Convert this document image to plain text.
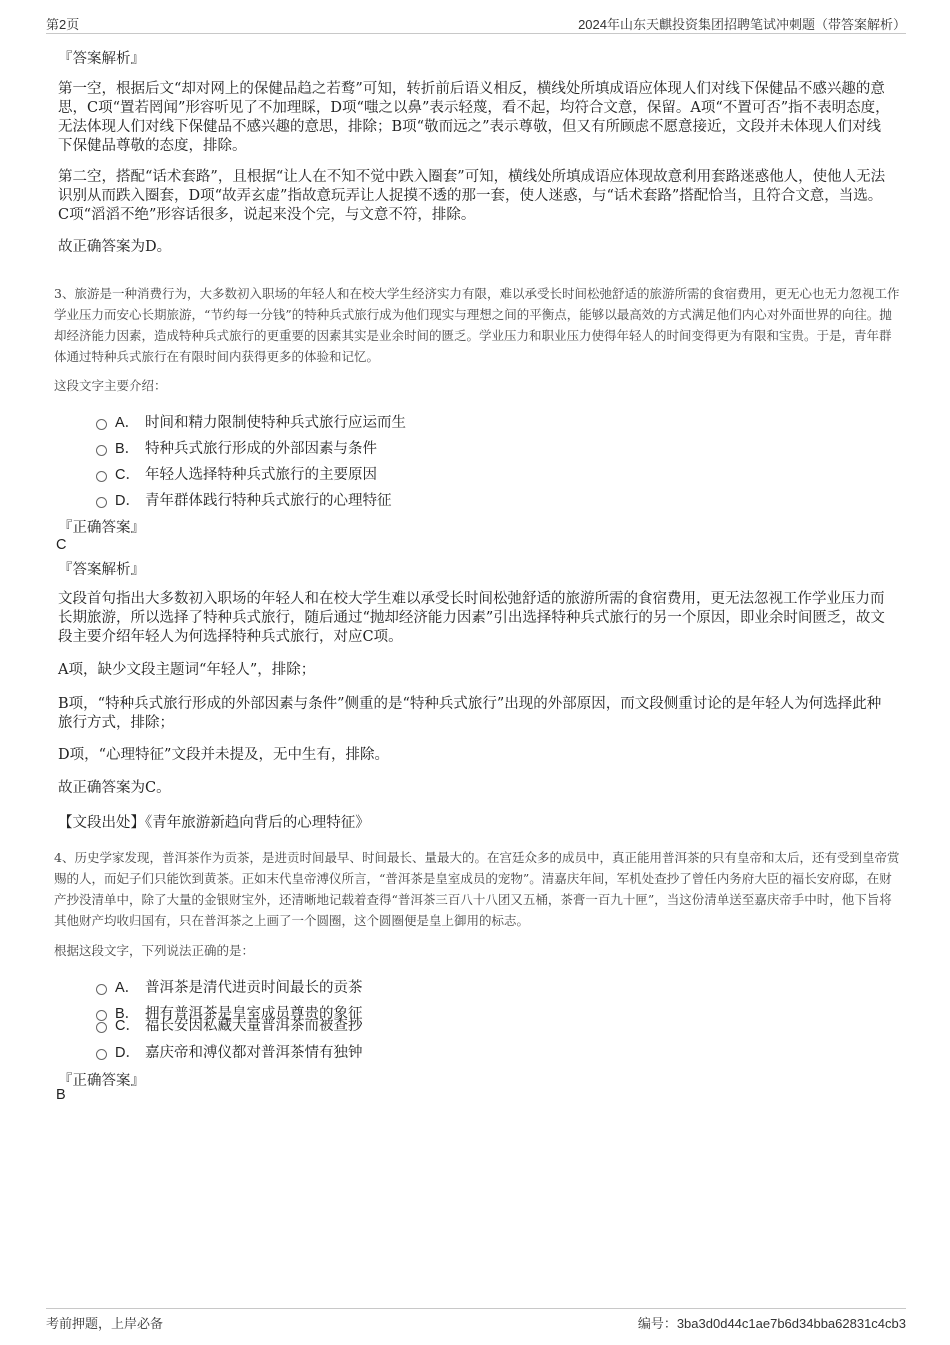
第2页	2024年山东天麒投资集团招聘笔试冲刺题（带答案解析）
『答案解析』

第一空，根据后文“却对网上的保健品趋之若鹜”可知，转折前后语义相反，横线处所填成语应体现人们对线下保健品不感兴趣的意思，C项“置若罔闻”形容听见了不加理睬，D项“嗤之以鼻”表示轻蔑，看不起，均符合文意，保留。A项“不置可否”指不表明态度，无法体现人们对线下保健品不感兴趣的意思，排除；B项“敬而远之”表示尊敬，但又有所顾虑不愿意接近，文段并未体现人们对线下保健品尊敬的态度，排除。

第二空，搭配“话术套路”，且根据“让人在不知不觉中跌入圈套”可知，横线处所填成语应体现故意利用套路迷惑他人，使他人无法识别从而跌入圈套，D项“故弄玄虚”指故意玩弄让人捉摸不透的那一套，使人迷惑，与“话术套路”搭配恰当，且符合文意，当选。C项“滔滔不绝”形容话很多，说起来没个完，与文意不符，排除。

故正确答案为D。

3、旅游是一种消费行为，大多数初入职场的年轻人和在校大学生经济实力有限，难以承受长时间松弛舒适的旅游所需的食宿费用，更无心也无力忽视工作学业压力而安心长期旅游，“节约每一分钱”的特种兵式旅行成为他们现实与理想之间的平衡点，能够以最高效的方式满足他们内心对外面世界的向往。抛却经济能力因素，造成特种兵式旅行的更重要的因素其实是业余时间的匮乏。学业压力和职业压力使得年轻人的时间变得更为有限和宝贵。于是，青年群体通过特种兵式旅行在有限时间内获得更多的体验和记忆。

这段文字主要介绍：

A． 时间和精力限制使特种兵式旅行应运而生
B． 特种兵式旅行形成的外部因素与条件
C． 年轻人选择特种兵式旅行的主要原因
D． 青年群体践行特种兵式旅行的心理特征
『正确答案』
C
『答案解析』

文段首句指出大多数初入职场的年轻人和在校大学生难以承受长时间松弛舒适的旅游所需的食宿费用，更无法忽视工作学业压力而长期旅游，所以选择了特种兵式旅行，随后通过“抛却经济能力因素”引出选择特种兵式旅行的另一个原因，即业余时间匮乏，故文段主要介绍年轻人为何选择特种兵式旅行，对应C项。

A项，缺少文段主题词“年轻人”，排除；

B项，“特种兵式旅行形成的外部因素与条件”侧重的是“特种兵式旅行”出现的外部原因，而文段侧重讨论的是年轻人为何选择此种旅行方式，排除；

D项，“心理特征”文段并未提及，无中生有，排除。

故正确答案为C。

【文段出处】《青年旅游新趋向背后的心理特征》

4、历史学家发现，普洱茶作为贡茶，是进贡时间最早、时间最长、量最大的。在宫廷众多的成员中，真正能用普洱茶的只有皇帝和太后，还有受到皇帝赏赐的人，而妃子们只能饮到黄茶。正如末代皇帝溥仪所言，“普洱茶是皇室成员的宠物”。清嘉庆年间，军机处查抄了曾任内务府大臣的福长安府邸，在财产抄没清单中，除了大量的金银财宝外，还清晰地记载着查得“普洱茶三百八十八团又五桶，茶膏一百九十匣”，当这份清单送至嘉庆帝手中时，他下旨将其他财产均收归国有，只在普洱茶之上画了一个圆圈，这个圆圈便是皇上御用的标志。

根据这段文字，下列说法正确的是：

A． 普洱茶是清代进贡时间最长的贡茶
B． 拥有普洱茶是皇室成员尊贵的象征
C． 福长安因私藏大量普洱茶而被查抄
D． 嘉庆帝和溥仪都对普洱茶情有独钟
『正确答案』
B
考前押题，上岸必备	编号：3ba3d0d44c1ae7b6d34bba62831c4cb3
